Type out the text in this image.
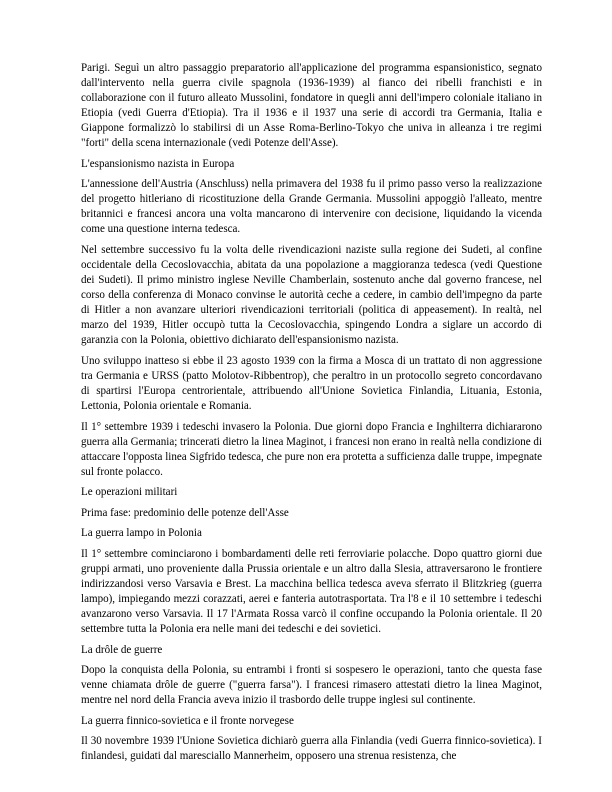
Parigi. Seguì un altro passaggio preparatorio all'applicazione del programma espansionistico, segnato dall'intervento nella guerra civile spagnola (1936-1939) al fianco dei ribelli franchisti e in collaborazione con il futuro alleato Mussolini, fondatore in quegli anni dell'impero coloniale italiano in Etiopia (vedi Guerra d'Etiopia). Tra il 1936 e il 1937 una serie di accordi tra Germania, Italia e Giappone formalizzò lo stabilirsi di un Asse Roma-Berlino-Tokyo che univa in alleanza i tre regimi "forti" della scena internazionale (vedi Potenze dell'Asse).

L'espansionismo nazista in Europa

L'annessione dell'Austria (Anschluss) nella primavera del 1938 fu il primo passo verso la realizzazione del progetto hitleriano di ricostituzione della Grande Germania. Mussolini appoggiò l'alleato, mentre britannici e francesi ancora una volta mancarono di intervenire con decisione, liquidando la vicenda come una questione interna tedesca.

Nel settembre successivo fu la volta delle rivendicazioni naziste sulla regione dei Sudeti, al confine occidentale della Cecoslovacchia, abitata da una popolazione a maggioranza tedesca (vedi Questione dei Sudeti). Il primo ministro inglese Neville Chamberlain, sostenuto anche dal governo francese, nel corso della conferenza di Monaco convinse le autorità ceche a cedere, in cambio dell'impegno da parte di Hitler a non avanzare ulteriori rivendicazioni territoriali (politica di appeasement). In realtà, nel marzo del 1939, Hitler occupò tutta la Cecoslovacchia, spingendo Londra a siglare un accordo di garanzia con la Polonia, obiettivo dichiarato dell'espansionismo nazista.

Uno sviluppo inatteso si ebbe il 23 agosto 1939 con la firma a Mosca di un trattato di non aggressione tra Germania e URSS (patto Molotov-Ribbentrop), che peraltro in un protocollo segreto concordavano di spartirsi l'Europa centrorientale, attribuendo all'Unione Sovietica Finlandia, Lituania, Estonia, Lettonia, Polonia orientale e Romania.

Il 1° settembre 1939 i tedeschi invasero la Polonia. Due giorni dopo Francia e Inghilterra dichiararono guerra alla Germania; trincerati dietro la linea Maginot, i francesi non erano in realtà nella condizione di attaccare l'opposta linea Sigfrido tedesca, che pure non era protetta a sufficienza dalle truppe, impegnate sul fronte polacco.

Le operazioni militari

Prima fase: predominio delle potenze dell'Asse

La guerra lampo in Polonia

Il 1° settembre cominciarono i bombardamenti delle reti ferroviarie polacche. Dopo quattro giorni due gruppi armati, uno proveniente dalla Prussia orientale e un altro dalla Slesia, attraversarono le frontiere indirizzandosi verso Varsavia e Brest. La macchina bellica tedesca aveva sferrato il Blitzkrieg (guerra lampo), impiegando mezzi corazzati, aerei e fanteria autotrasportata. Tra l'8 e il 10 settembre i tedeschi avanzarono verso Varsavia. Il 17 l'Armata Rossa varcò il confine occupando la Polonia orientale. Il 20 settembre tutta la Polonia era nelle mani dei tedeschi e dei sovietici.

La drôle de guerre

Dopo la conquista della Polonia, su entrambi i fronti si sospesero le operazioni, tanto che questa fase venne chiamata drôle de guerre ("guerra farsa"). I francesi rimasero attestati dietro la linea Maginot, mentre nel nord della Francia aveva inizio il trasbordo delle truppe inglesi sul continente.

La guerra finnico-sovietica e il fronte norvegese

Il 30 novembre 1939 l'Unione Sovietica dichiarò guerra alla Finlandia (vedi Guerra finnico-sovietica). I finlandesi, guidati dal maresciallo Mannerheim, opposero una strenua resistenza, che
